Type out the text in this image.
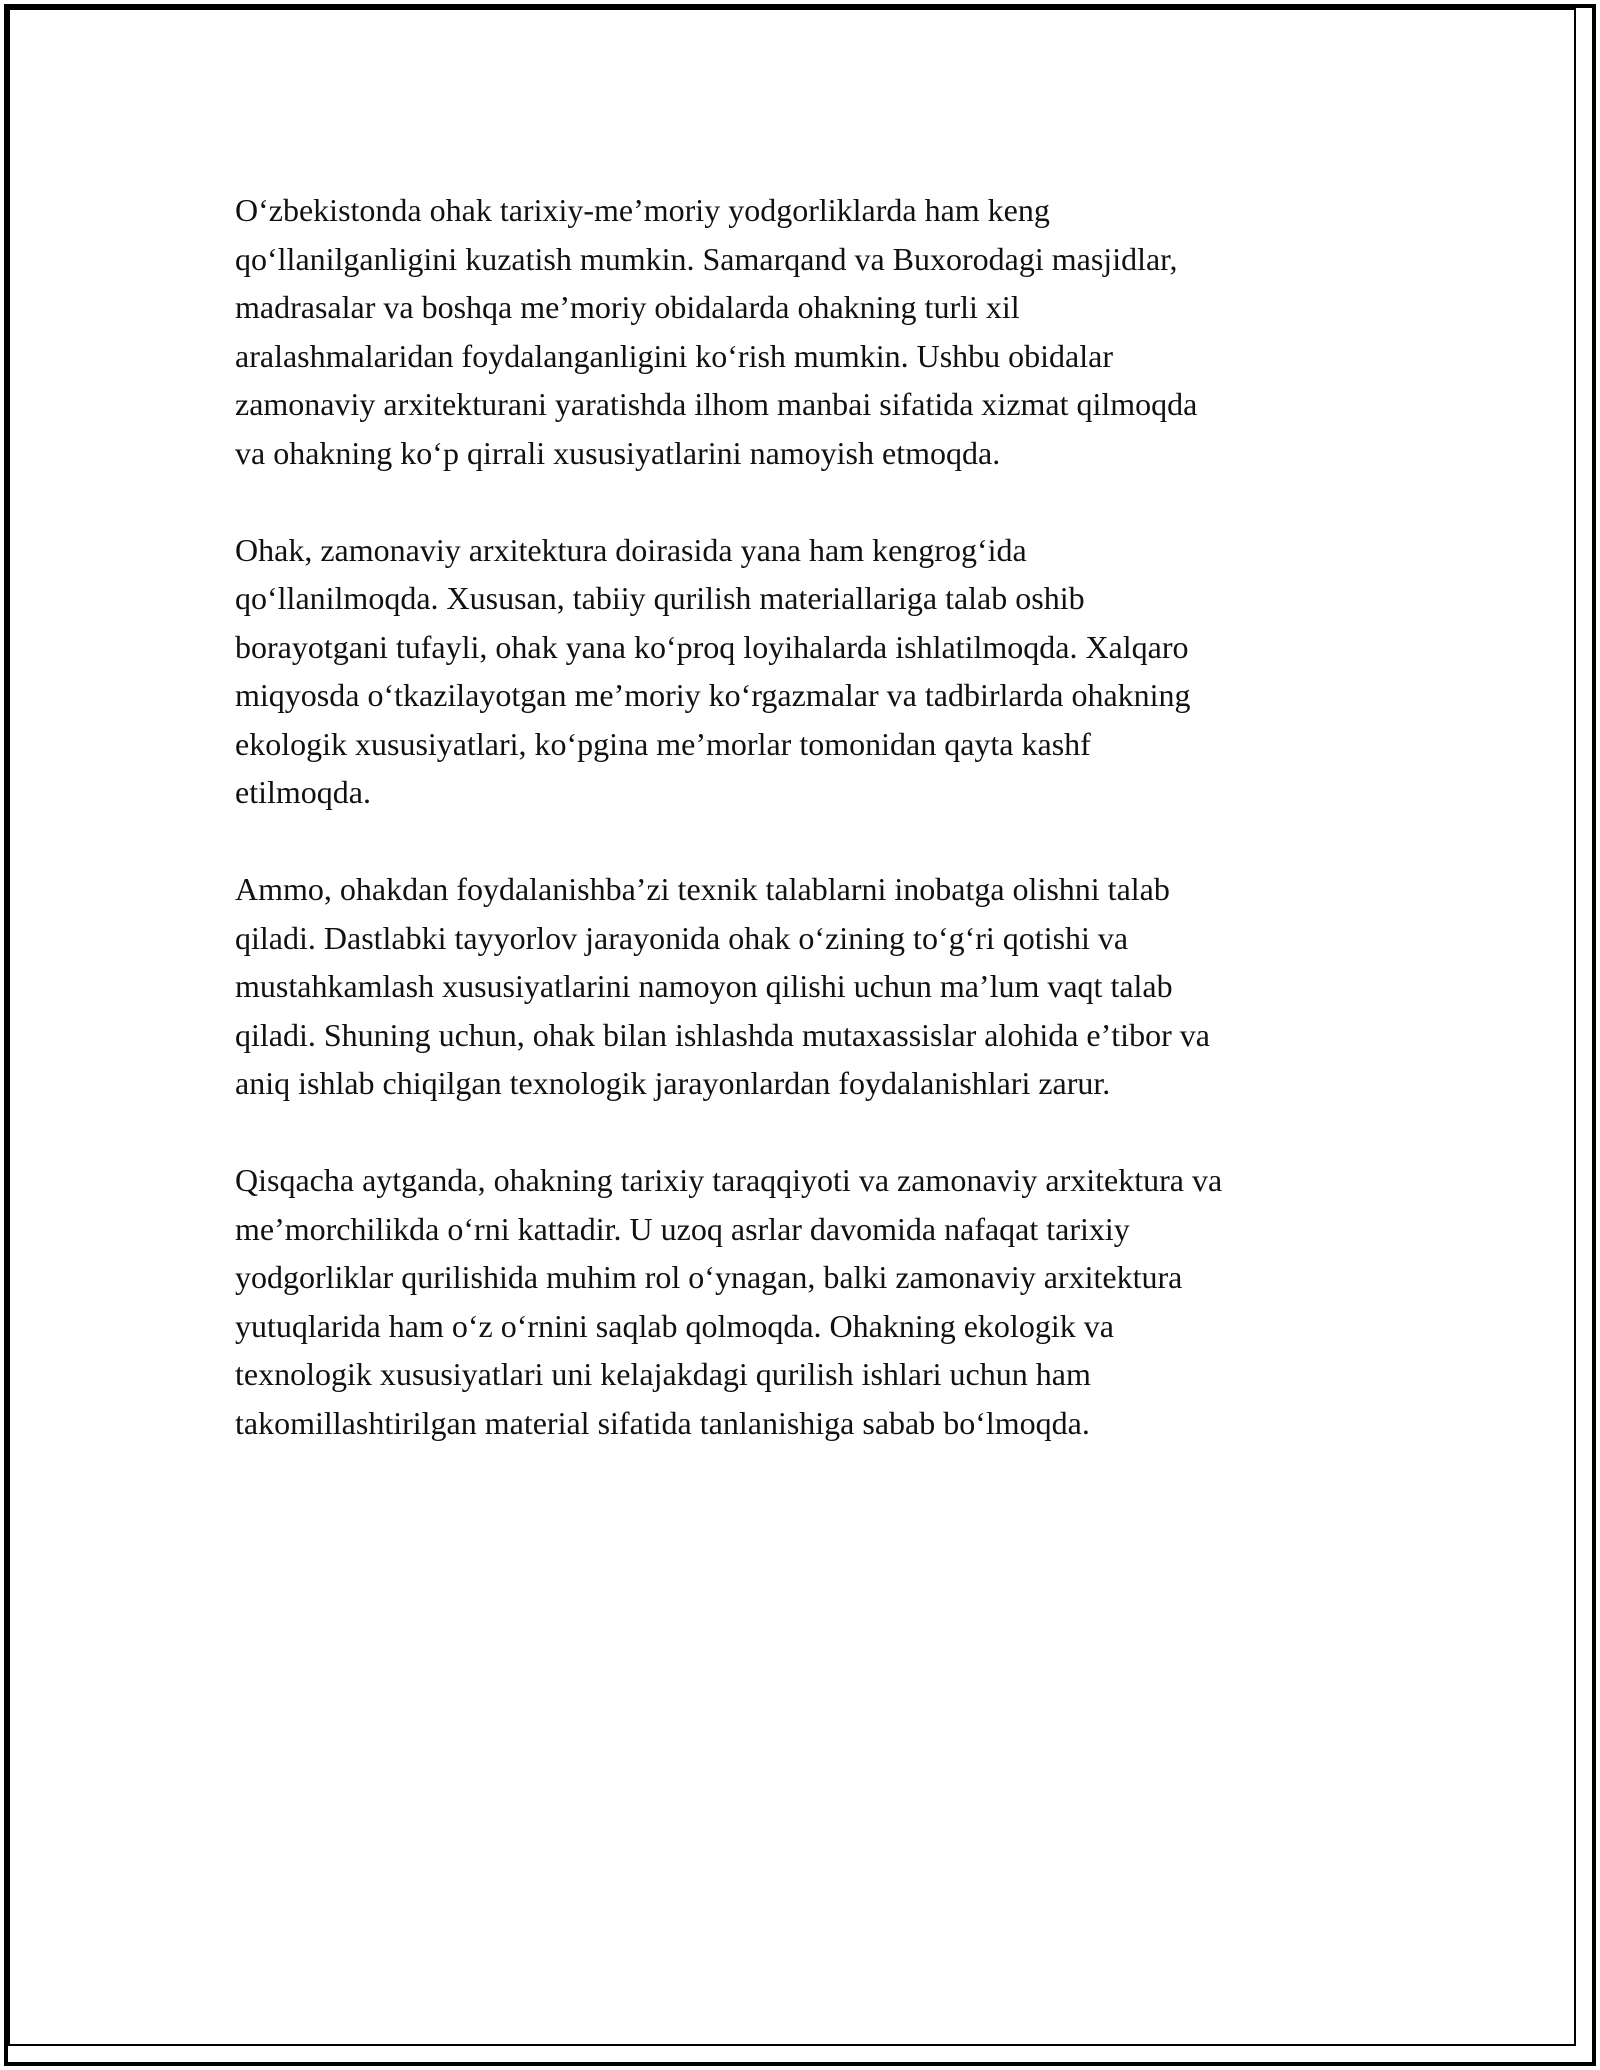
Oʻzbekistonda ohak tarixiy-meʼmoriy yodgorliklarda ham keng
qoʻllanilganligini kuzatish mumkin. Samarqand va Buxorodagi masjidlar,
madrasalar va boshqa meʼmoriy obidalarda ohakning turli xil
aralashmalaridan foydalanganligini koʻrish mumkin. Ushbu obidalar
zamonaviy arxitekturani yaratishda ilhom manbai sifatida xizmat qilmoqda
va ohakning koʻp qirrali xususiyatlarini namoyish etmoqda.

Ohak, zamonaviy arxitektura doirasida yana ham kengrogʻida
qoʻllanilmoqda. Xususan, tabiiy qurilish materiallariga talab oshib
borayotgani tufayli, ohak yana koʻproq loyihalarda ishlatilmoqda. Xalqaro
miqyosda oʻtkazilayotgan meʼmoriy koʻrgazmalar va tadbirlarda ohakning
ekologik xususiyatlari, koʻpgina meʼmorlar tomonidan qayta kashf
etilmoqda.

Ammo, ohakdan foydalanishbaʼzi texnik talablarni inobatga olishni talab
qiladi. Dastlabki tayyorlov jarayonida ohak oʻzining toʻgʻri qotishi va
mustahkamlash xususiyatlarini namoyon qilishi uchun maʼlum vaqt talab
qiladi. Shuning uchun, ohak bilan ishlashda mutaxassislar alohida eʼtibor va
aniq ishlab chiqilgan texnologik jarayonlardan foydalanishlari zarur.

Qisqacha aytganda, ohakning tarixiy taraqqiyoti va zamonaviy arxitektura va
meʼmorchilikda oʻrni kattadir. U uzoq asrlar davomida nafaqat tarixiy
yodgorliklar qurilishida muhim rol oʻynagan, balki zamonaviy arxitektura
yutuqlarida ham oʻz oʻrnini saqlab qolmoqda. Ohakning ekologik va
texnologik xususiyatlari uni kelajakdagi qurilish ishlari uchun ham
takomillashtirilgan material sifatida tanlanishiga sabab boʻlmoqda.
